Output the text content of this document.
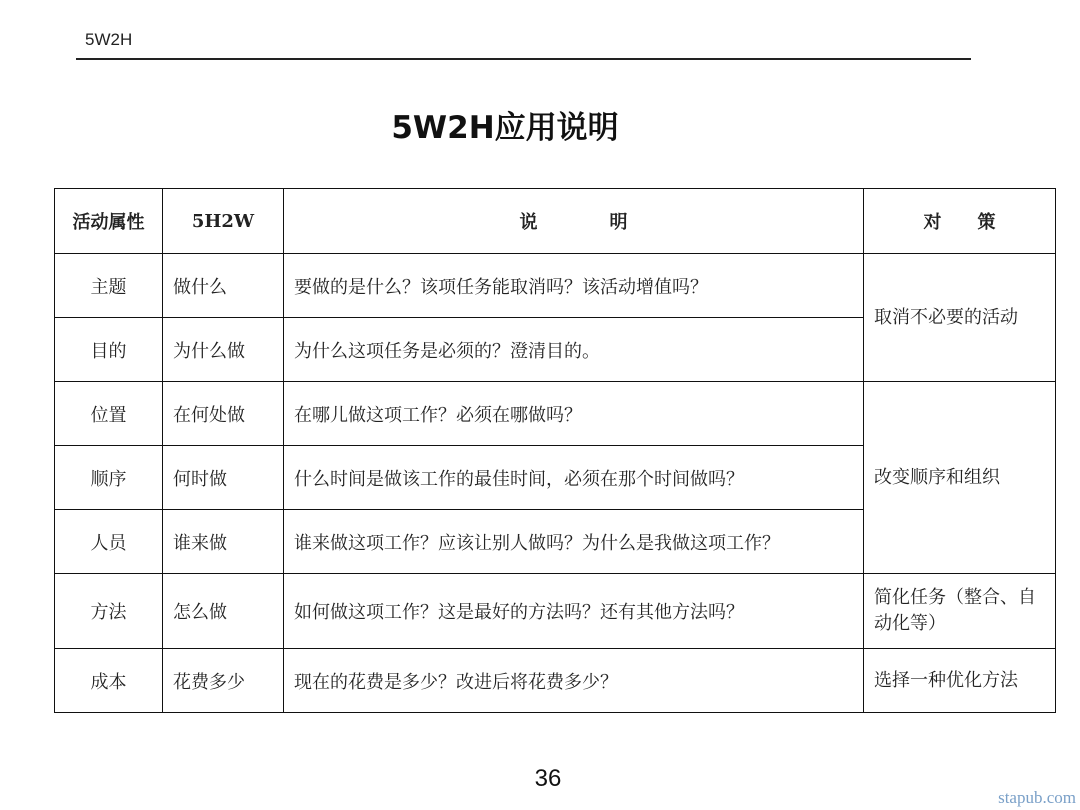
5W2H
5W2H应用说明
活动属性	5H2W	说　　　　明	对　　策
主题	做什么	要做的是什么？该项任务能取消吗？该活动增值吗？	取消不必要的活动
目的	为什么做	为什么这项任务是必须的？澄清目的。	
位置	在何处做	在哪儿做这项工作？必须在哪做吗？	改变顺序和组织
顺序	何时做	什么时间是做该工作的最佳时间，必须在那个时间做吗？	
人员	谁来做	谁来做这项工作？应该让别人做吗？为什么是我做这项工作？	
方法	怎么做	如何做这项工作？这是最好的方法吗？还有其他方法吗？	简化任务（整合、自动化等）
成本	花费多少	现在的花费是多少？改进后将花费多少？	选择一种优化方法
36
stapub.com
